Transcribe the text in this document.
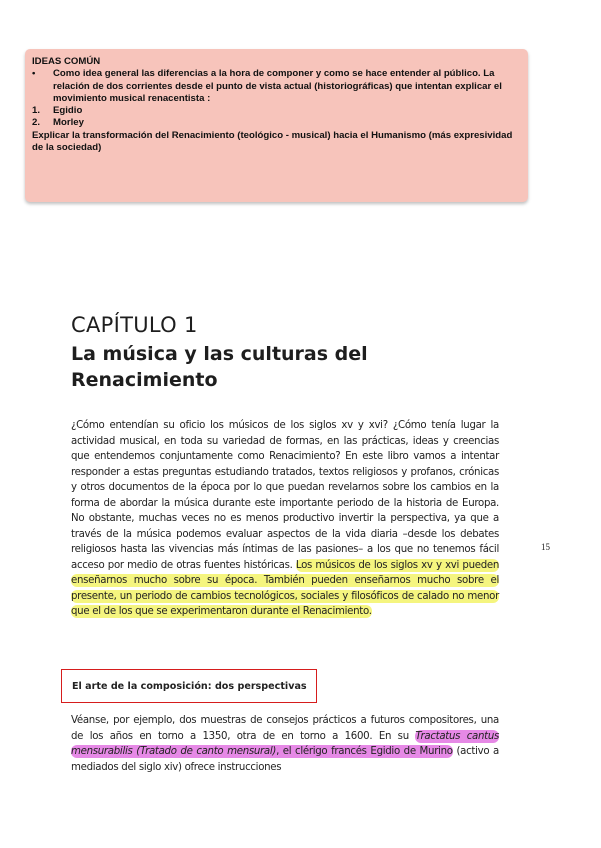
IDEAS COMÚN
•	Como idea general las diferencias a la hora de componer y como se hace entender al público. La relación de dos corrientes desde el punto de vista actual (historiográficas) que intentan explicar el movimiento musical renacentista :
1.	Egidio
2.	Morley
Explicar la transformación del Renacimiento (teológico - musical) hacia el Humanismo (más expresividad de la sociedad)
CAPÍTULO 1
La música y las culturas del Renacimiento

¿Cómo entendían su oficio los músicos de los siglos xv y xvi? ¿Cómo tenía lugar la actividad musical, en toda su variedad de formas, en las prácticas, ideas y creencias que entendemos conjuntamente como Renacimiento? En este libro vamos a intentar responder a estas preguntas estudiando tratados, textos religiosos y profanos, crónicas y otros documentos de la época por lo que puedan revelarnos sobre los cambios en la forma de abordar la música durante este importante periodo de la historia de Europa. No obstante, muchas veces no es menos productivo invertir la perspectiva, ya que a través de la música podemos evaluar aspectos de la vida diaria –desde los debates religiosos hasta las vivencias más íntimas de las pasiones– a los que no tenemos fácil acceso por medio de otras fuentes históricas. Los músicos de los siglos xv y xvi pueden enseñarnos mucho sobre su época. También pueden enseñarnos mucho sobre el presente, un periodo de cambios tecnológicos, sociales y filosóficos de calado no menor que el de los que se experimentaron durante el Renacimiento.

15
El arte de la composición: dos perspectivas

Véanse, por ejemplo, dos muestras de consejos prácticos a futuros compositores, una de los años en torno a 1350, otra de en torno a 1600. En su Tractatus cantus mensurabilis (Tratado de canto mensural), el clérigo francés Egidio de Murino (activo a mediados del siglo xiv) ofrece instrucciones
